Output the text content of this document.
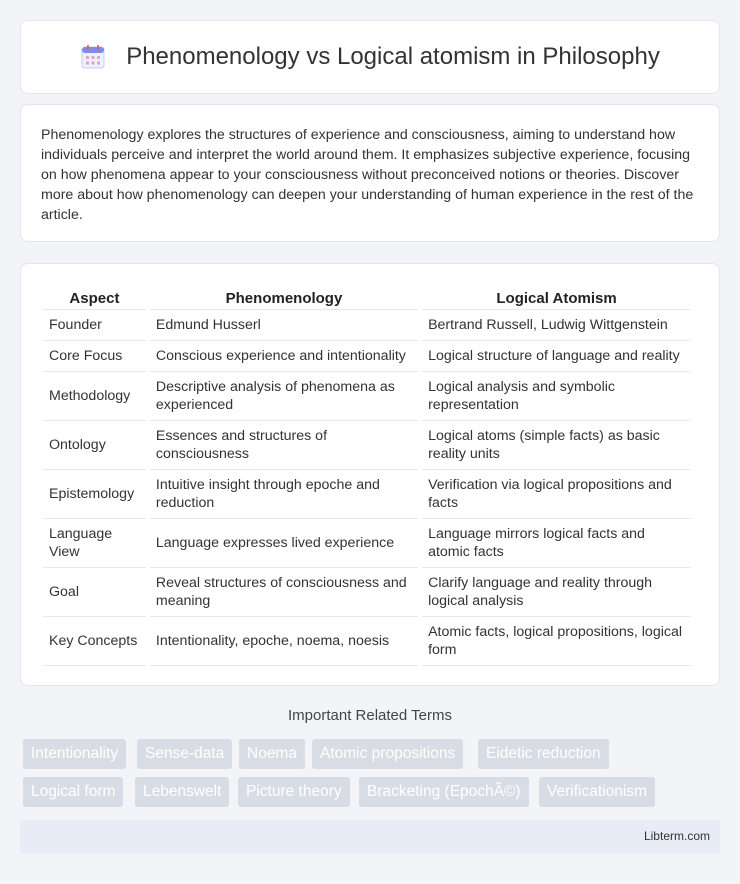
Phenomenology vs Logical atomism in Philosophy

Phenomenology explores the structures of experience and consciousness, aiming to understand how individuals perceive and interpret the world around them. It emphasizes subjective experience, focusing on how phenomena appear to your consciousness without preconceived notions or theories. Discover more about how phenomenology can deepen your understanding of human experience in the rest of the article.

Aspect	Phenomenology	Logical Atomism
Founder	Edmund Husserl	Bertrand Russell, Ludwig Wittgenstein
Core Focus	Conscious experience and intentionality	Logical structure of language and reality
Methodology	Descriptive analysis of phenomena as experienced	Logical analysis and symbolic representation
Ontology	Essences and structures of consciousness	Logical atoms (simple facts) as basic reality units
Epistemology	Intuitive insight through epoche and reduction	Verification via logical propositions and facts
Language View	Language expresses lived experience	Language mirrors logical facts and atomic facts
Goal	Reveal structures of consciousness and meaning	Clarify language and reality through logical analysis
Key Concepts	Intentionality, epoche, noema, noesis	Atomic facts, logical propositions, logical form
Important Related Terms
Intentionality	Sense-data	Noema	Atomic propositions	Eidetic reduction
Logical form	Lebenswelt	Picture theory	Bracketing (EpochÃ©)	Verificationism
Libterm.com
